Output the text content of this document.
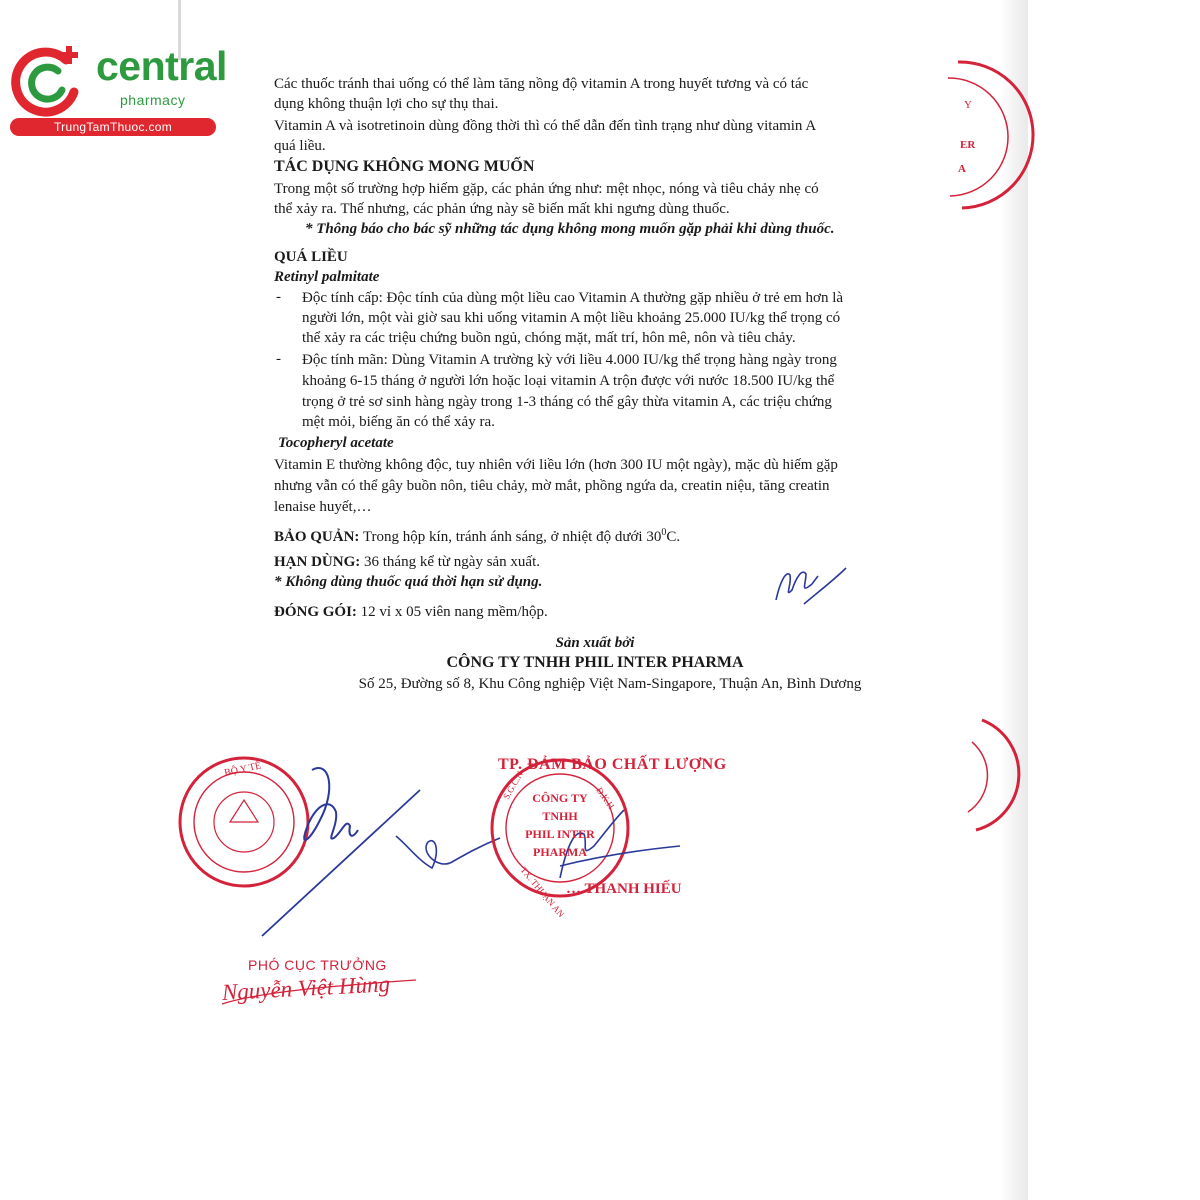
central
pharmacy
TrungTamThuoc.com
Các thuốc tránh thai uống có thể làm tăng nồng độ vitamin A trong huyết tương và có tác
dụng không thuận lợi cho sự thụ thai.
Vitamin A và isotretinoin dùng đồng thời thì có thể dẫn đến tình trạng như dùng vitamin A
quá liều.
TÁC DỤNG KHÔNG MONG MUỐN
Trong một số trường hợp hiếm gặp, các phản ứng như: mệt nhọc, nóng và tiêu chảy nhẹ có
thể xảy ra. Thế nhưng, các phản ứng này sẽ biến mất khi ngưng dùng thuốc.
* Thông báo cho bác sỹ những tác dụng không mong muốn gặp phải khi dùng thuốc.
QUÁ LIỀU
Retinyl palmitate
- Độc tính cấp: Độc tính của dùng một liều cao Vitamin A thường gặp nhiều ở trẻ em hơn là
người lớn, một vài giờ sau khi uống vitamin A một liều khoảng 25.000 IU/kg thể trọng có
thể xảy ra các triệu chứng buồn ngủ, chóng mặt, mất trí, hôn mê, nôn và tiêu chảy.
- Độc tính mãn: Dùng Vitamin A trường kỳ với liều 4.000 IU/kg thể trọng hàng ngày trong
khoảng 6-15 tháng ở người lớn hoặc loại vitamin A trộn được với nước 18.500 IU/kg thể
trọng ở trẻ sơ sinh hàng ngày trong 1-3 tháng có thể gây thừa vitamin A, các triệu chứng
mệt mỏi, biếng ăn có thể xảy ra.
Tocopheryl acetate
Vitamin E thường không độc, tuy nhiên với liều lớn (hơn 300 IU một ngày), mặc dù hiếm gặp
nhưng vẫn có thể gây buồn nôn, tiêu chảy, mờ mắt, phồng ngứa da, creatin niệu, tăng creatin
lenaise huyết,…
BẢO QUẢN: Trong hộp kín, tránh ánh sáng, ở nhiệt độ dưới $30^0C$.
HẠN DÙNG: 36 tháng kể từ ngày sản xuất.
* Không dùng thuốc quá thời hạn sử dụng.
ĐÓNG GÓI: 12 vỉ x 05 viên nang mềm/hộp.
Sản xuất bởi
CÔNG TY TNHH PHIL INTER PHARMA
Số 25, Đường số 8, Khu Công nghiệp Việt Nam-Singapore, Thuận An, Bình Dương
Y
ER
A
BỘ Y TẾ	S.G.C.N	Đ.K.H
TX. THUẬN AN
TP. ĐẢM BẢO CHẤT LƯỢNG
CÔNG TY
TNHH
PHIL INTER
PHARMA
… THANH HIẾU
PHÓ CỤC TRƯỞNG
Nguyễn Việt Hùng
